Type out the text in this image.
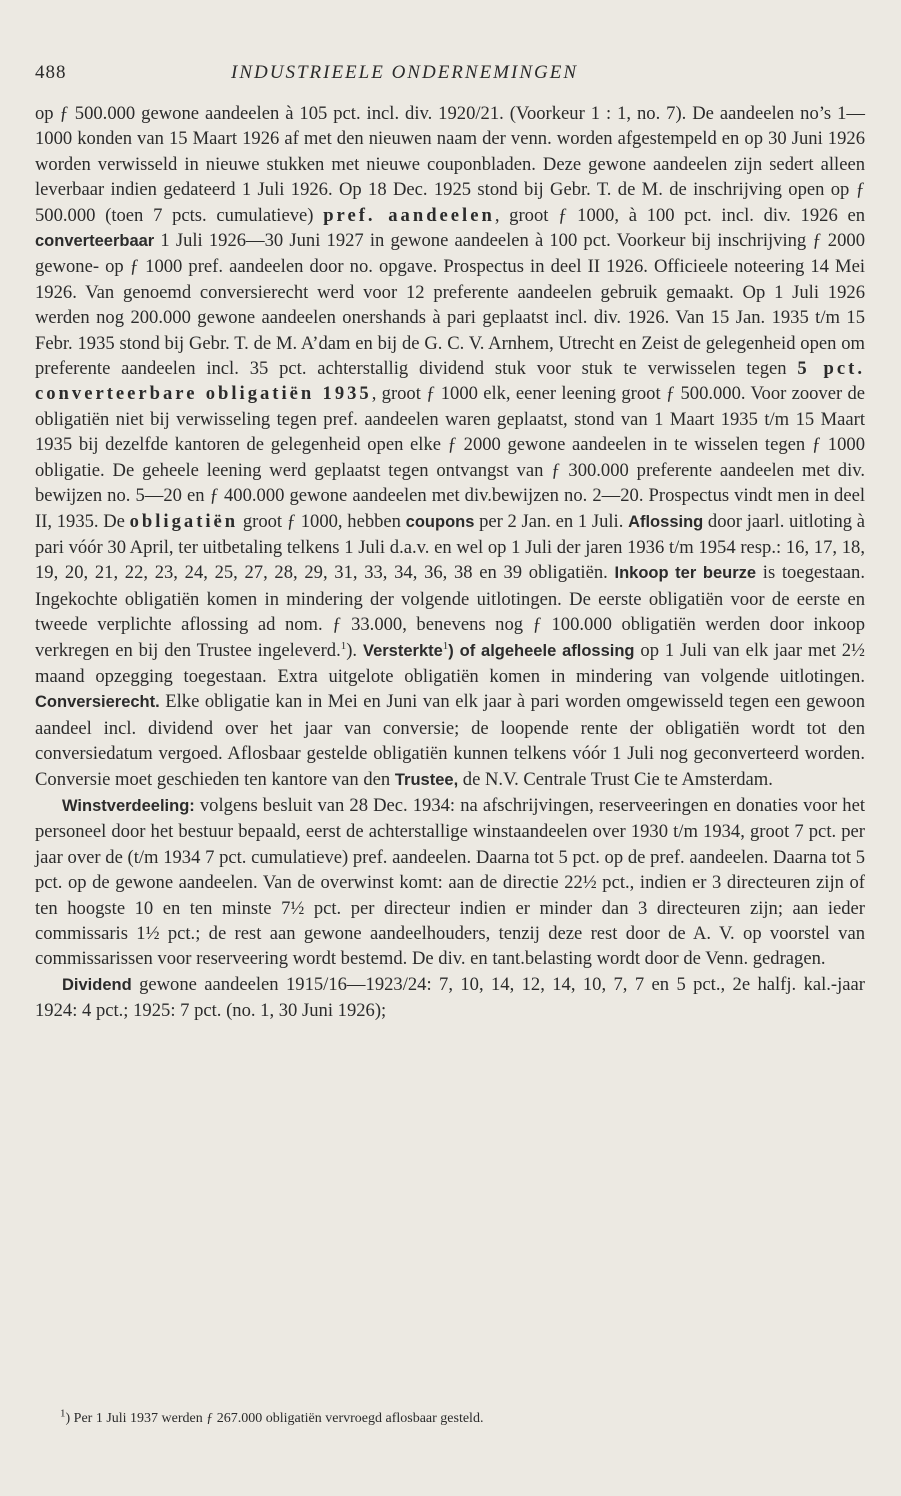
488	INDUSTRIEELE ONDERNEMINGEN

op ƒ 500.000 gewone aandeelen à 105 pct. incl. div. 1920/21. (Voorkeur 1 : 1, no. 7). De aandeelen no’s 1—1000 konden van 15 Maart 1926 af met den nieuwen naam der venn. worden afgestempeld en op 30 Juni 1926 worden verwisseld in nieuwe stukken met nieuwe couponbladen. Deze gewone aandeelen zijn sedert alleen leverbaar indien gedateerd 1 Juli 1926. Op 18 Dec. 1925 stond bij Gebr. T. de M. de inschrijving open op ƒ 500.000 (toen 7 pcts. cumulatieve) pref. aandeelen, groot ƒ 1000, à 100 pct. incl. div. 1926 en converteerbaar 1 Juli 1926—30 Juni 1927 in gewone aandeelen à 100 pct. Voorkeur bij inschrijving ƒ 2000 gewone- op ƒ 1000 pref. aandeelen door no. opgave. Prospectus in deel II 1926. Officieele noteering 14 Mei 1926. Van genoemd conversierecht werd voor 12 preferente aandeelen gebruik gemaakt. Op 1 Juli 1926 werden nog 200.000 gewone aandeelen onershands à pari geplaatst incl. div. 1926. Van 15 Jan. 1935 t/m 15 Febr. 1935 stond bij Gebr. T. de M. A’dam en bij de G. C. V. Arnhem, Utrecht en Zeist de gelegenheid open om preferente aandeelen incl. 35 pct. achterstallig dividend stuk voor stuk te verwisselen tegen 5 pct. converteerbare obligatiën 1935, groot ƒ 1000 elk, eener leening groot ƒ 500.000. Voor zoover de obligatiën niet bij verwisseling tegen pref. aandeelen waren geplaatst, stond van 1 Maart 1935 t/m 15 Maart 1935 bij dezelfde kantoren de gelegenheid open elke ƒ 2000 gewone aandeelen in te wisselen tegen ƒ 1000 obligatie. De geheele leening werd geplaatst tegen ontvangst van ƒ 300.000 preferente aandeelen met div. bewijzen no. 5—20 en ƒ 400.000 gewone aandeelen met div.bewijzen no. 2—20. Prospectus vindt men in deel II, 1935. De obligatiën groot ƒ 1000, hebben coupons per 2 Jan. en 1 Juli. Aflossing door jaarl. uitloting à pari vóór 30 April, ter uitbetaling telkens 1 Juli d.a.v. en wel op 1 Juli der jaren 1936 t/m 1954 resp.: 16, 17, 18, 19, 20, 21, 22, 23, 24, 25, 27, 28, 29, 31, 33, 34, 36, 38 en 39 obligatiën. Inkoop ter beurze is toegestaan. Ingekochte obligatiën komen in mindering der volgende uitlotingen. De eerste obligatiën voor de eerste en tweede verplichte aflossing ad nom. ƒ 33.000, benevens nog ƒ 100.000 obligatiën werden door inkoop verkregen en bij den Trustee ingeleverd.$^1$). Versterkte$^1$) of algeheele aflossing op 1 Juli van elk jaar met 2½ maand opzegging toegestaan. Extra uitgelote obligatiën komen in mindering van volgende uitlotingen. Conversierecht. Elke obligatie kan in Mei en Juni van elk jaar à pari worden omgewisseld tegen een gewoon aandeel incl. dividend over het jaar van conversie; de loopende rente der obligatiën wordt tot den conversiedatum vergoed. Aflosbaar gestelde obligatiën kunnen telkens vóór 1 Juli nog geconverteerd worden. Conversie moet geschieden ten kantore van den Trustee, de N.V. Centrale Trust Cie te Amsterdam.

Winstverdeeling: volgens besluit van 28 Dec. 1934: na afschrijvingen, reserveeringen en donaties voor het personeel door het bestuur bepaald, eerst de achterstallige winstaandeelen over 1930 t/m 1934, groot 7 pct. per jaar over de (t/m 1934 7 pct. cumulatieve) pref. aandeelen. Daarna tot 5 pct. op de pref. aandeelen. Daarna tot 5 pct. op de gewone aandeelen. Van de overwinst komt: aan de directie 22½ pct., indien er 3 directeuren zijn of ten hoogste 10 en ten minste 7½ pct. per directeur indien er minder dan 3 directeuren zijn; aan ieder commissaris 1½ pct.; de rest aan gewone aandeelhouders, tenzij deze rest door de A. V. op voorstel van commissarissen voor reserveering wordt bestemd. De div. en tant.belasting wordt door de Venn. gedragen.

Dividend gewone aandeelen 1915/16—1923/24: 7, 10, 14, 12, 14, 10, 7, 7 en 5 pct., 2e halfj. kal.-jaar 1924: 4 pct.; 1925: 7 pct. (no. 1, 30 Juni 1926);

$^1$) Per 1 Juli 1937 werden ƒ 267.000 obligatiën vervroegd aflosbaar gesteld.
